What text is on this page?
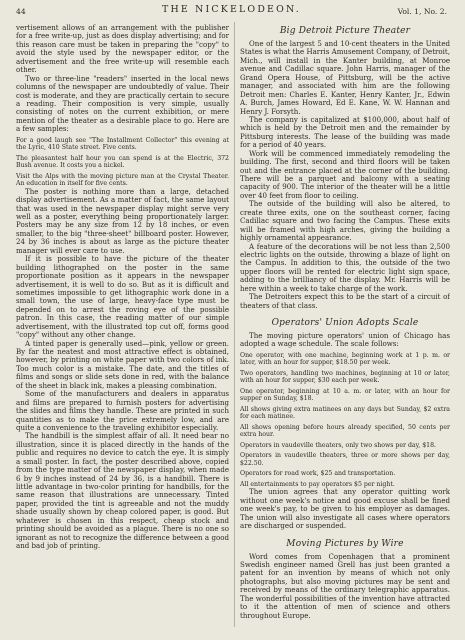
44	THE NICKELODEON.	Vol. 1, No. 2.

vertisement allows of an arrangement with the publisher for a free write-up, just as does display advertising; and for this reason care must be taken in preparing the "copy" to avoid the style used by the newspaper editor, or the advertisement and the free write-up will resemble each other.

Two or three-line "readers" inserted in the local news columns of the newspaper are undoubtedly of value. Their cost is moderate, and they are practically certain to secure a reading. Their composition is very simple, usually consisting of notes on the current exhibition, or mere mention of the theater as a desirable place to go. Here are a few samples:

For a good laugh see "The Installment Collector" this evening at the Lyric, 410 State street. Five cents.

The pleasantest half hour you can spend is at the Electric, 372 Bush avenue. It costs you a nickel.

Visit the Alps with the moving picture man at the Crystal Theater. An education in itself for five cents.

The poster is nothing more than a large, detached display advertisement. As a matter of fact, the same layout that was used in the newspaper display might serve very well as a poster, everything being proportionately larger. Posters may be any size from 12 by 18 inches, or even smaller, to the big "three-sheet" billboard poster. However, 24 by 36 inches is about as large as the picture theater manager will ever care to use.

If it is possible to have the picture of the theater building lithographed on the poster in the same proportionate position as it appears in the newspaper advertisement, it is well to do so. But as it is difficult and sometimes impossible to get lithographic work done in a small town, the use of large, heavy-face type must be depended on to arrest the roving eye of the possible patron. In this case, the reading matter of our simple advertisement, with the illustrated top cut off, forms good "copy" without any other change.

A tinted paper is generally used—pink, yellow or green. By far the neatest and most attractive effect is obtained, however, by printing on white paper with two colors of ink. Too much color is a mistake. The date, and the titles of films and songs or slide sets done in red, with the balance of the sheet in black ink, makes a pleasing combination.

Some of the manufacturers and dealers in apparatus and films are prepared to furnish posters for advertising the slides and films they handle. These are printed in such quantities as to make the price extremely low, and are quite a convenience to the traveling exhibitor especially.

The handbill is the simplest affair of all. It need bear no illustration, since it is placed directly in the hands of the public and requires no device to catch the eye. It is simply a small poster. In fact, the poster described above, copied from the type matter of the newspaper display, when made 6 by 9 inches instead of 24 by 36, is a handbill. There is little advantage in two-color printing for handbills, for the same reason that illustrations are unnecessary. Tinted paper, provided the tint is agreeable and not the muddy shade usually shown by cheap colored paper, is good. But whatever is chosen in this respect, cheap stock and printing should be avoided as a plague. There is no one so ignorant as not to recognize the difference between a good and bad job of printing.

Big Detroit Picture Theater

One of the largest 5 and 10-cent theaters in the United States is what the Harris Amusement Company, of Detroit, Mich., will install in the Kanter building, at Monroe avenue and Cadillac square. John Harris, manager of the Grand Opera House, of Pittsburg, will be the active manager, and associated with him are the following Detroit men: Charles E. Kanter, Henry Kanter, Jr., Edwin A. Burch, James Howard, Ed E. Kane, W. W. Hannan and Henry J. Forsyth.

The company is capitalized at $100,000, about half of which is held by the Detroit men and the remainder by Pittsburg interests. The lease of the building was made for a period of 40 years.

Work will be commenced immediately remodeling the building. The first, second and third floors will be taken out and the entrance placed at the corner of the building. There will be a parquet and balcony with a seating capacity of 900. The interior of the theater will be a little over 40 feet from floor to ceiling.

The outside of the building will also be altered, to create three exits, one on the southeast corner, facing Cadillac square and two facing the Campus. These exits will be framed with high arches, giving the building a highly ornamental appearance.

A feature of the decorations will be not less than 2,500 electric lights on the outside, throwing a blaze of light on the Campus. In addition to this, the outside of the two upper floors will be rented for electric light sign space, adding to the brilliancy of the display. Mr. Harris will be here within a week to take charge of the work.

The Detroiters expect this to be the start of a circuit of theaters of that class.

Operators' Union Adopts Scale

The moving picture operators' union of Chicago has adopted a wage schedule. The scale follows:

One operator, with one machine, beginning work at 1 p. m. or later, with an hour for supper, $18.50 per week.

Two operators, handling two machines, beginning at 10 or later, with an hour for supper, $30 each per week.

One operator, beginning at 10 a. m. or later, with an hour for supper on Sunday, $18.

All shows giving extra matinees on any days but Sunday, $2 extra for each matinee.

All shows opening before hours already specified, 50 cents per extra hour.

Operators in vaudeville theaters, only two shows per day, $18.

Operators in vaudeville theaters, three or more shows per day, $22.50.

Operators for road work, $25 and transportation.

All entertainments to pay operators $5 per night.

The union agrees that any operator quitting work without one week's notice and good excuse shall be fined one week's pay, to be given to his employer as damages. The union will also investigate all cases where operators are discharged or suspended.

Moving Pictures by Wire

Word comes from Copenhagen that a prominent Swedish engineer named Grell has just been granted a patent for an invention by means of which not only photographs, but also moving pictures may be sent and received by means of the ordinary telegraphic apparatus. The wonderful possibilities of the invention have attracted to it the attention of men of science and others throughout Europe.
